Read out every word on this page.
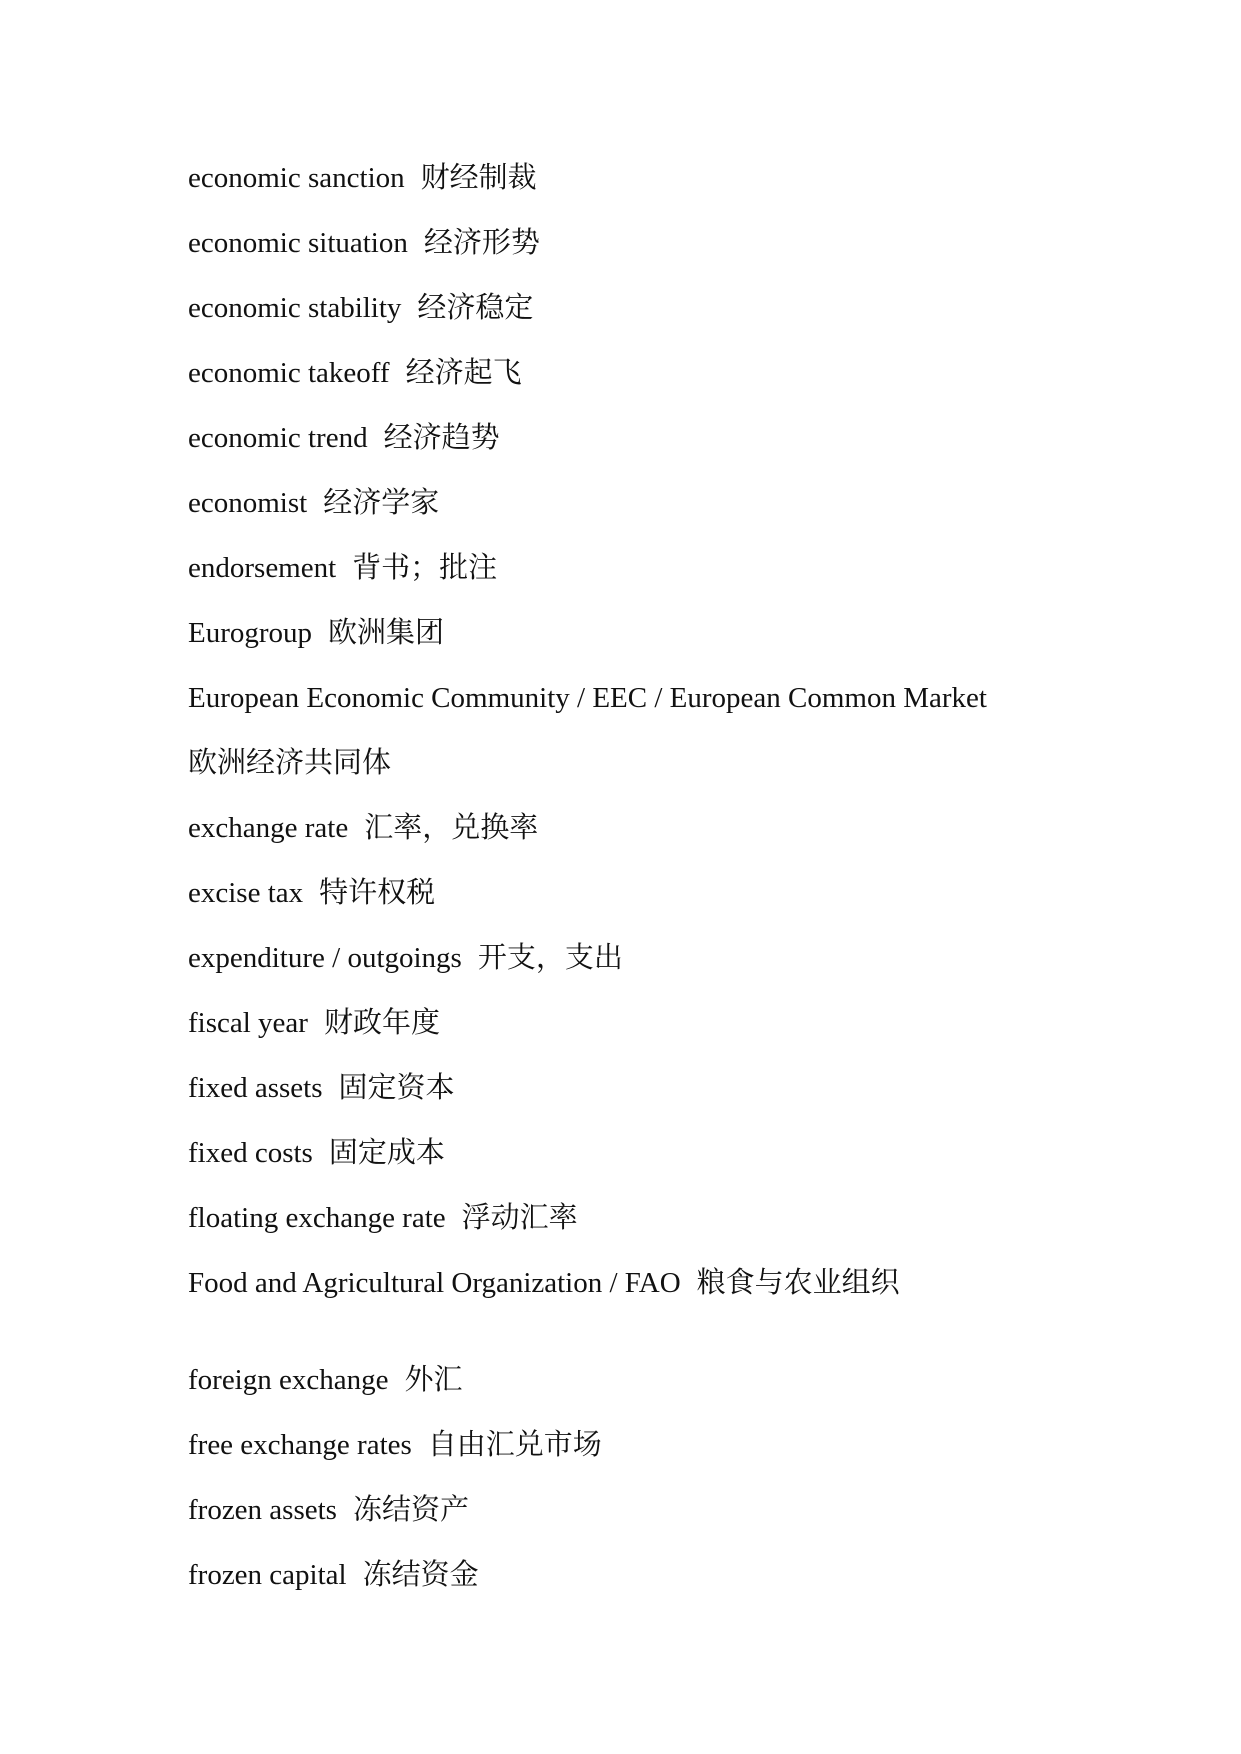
economic sanction 财经制裁
economic situation 经济形势
economic stability 经济稳定
economic takeoff 经济起飞
economic trend 经济趋势
economist 经济学家
endorsement 背书；批注
Eurogroup 欧洲集团
European Economic Community / EEC / European Common Market
欧洲经济共同体
exchange rate 汇率，兑换率
excise tax 特许权税
expenditure / outgoings 开支，支出
fiscal year 财政年度
fixed assets 固定资本
fixed costs 固定成本
floating exchange rate 浮动汇率
Food and Agricultural Organization / FAO 粮食与农业组织
foreign exchange 外汇
free exchange rates 自由汇兑市场
frozen assets 冻结资产
frozen capital 冻结资金
